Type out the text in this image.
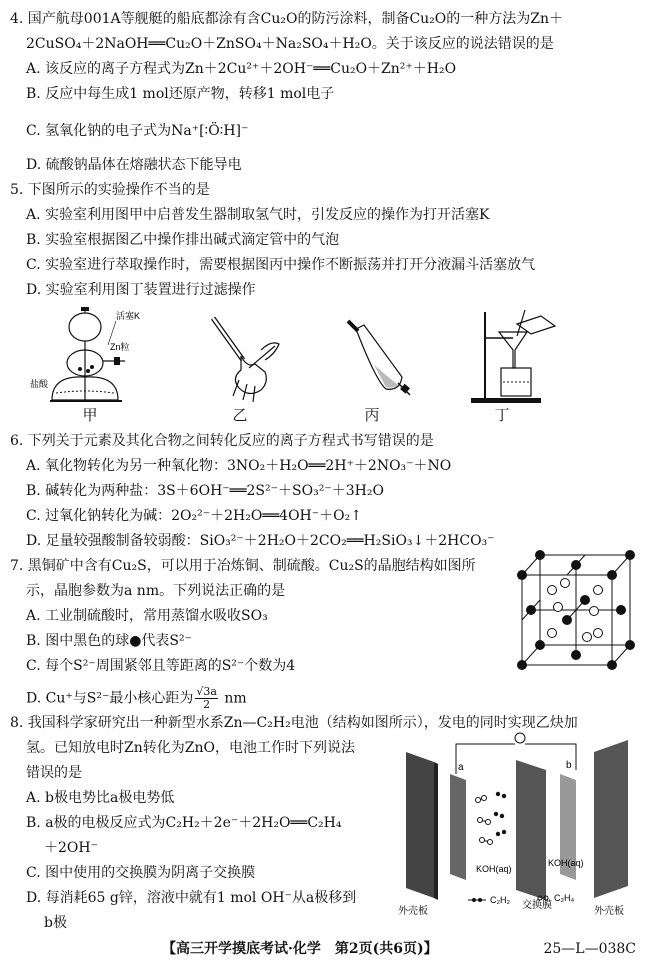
4. 国产航母001A等舰艇的船底都涂有含Cu₂O的防污涂料，制备Cu₂O的一种方法为Zn＋
2CuSO₄＋2NaOH══Cu₂O＋ZnSO₄＋Na₂SO₄＋H₂O。关于该反应的说法错误的是
A. 该反应的离子方程式为Zn＋2Cu²⁺＋2OH⁻══Cu₂O＋Zn²⁺＋H₂O
B. 反应中每生成1 mol还原产物，转移1 mol电子
C. 氢氧化钠的电子式为Na⁺[∶Ö∶H]⁻
D. 硫酸钠晶体在熔融状态下能导电
5. 下图所示的实验操作不当的是
A. 实验室利用图甲中启普发生器制取氢气时，引发反应的操作为打开活塞K
B. 实验室根据图乙中操作排出碱式滴定管中的气泡
C. 实验室进行萃取操作时，需要根据图丙中操作不断振荡并打开分液漏斗活塞放气
D. 实验室利用图丁装置进行过滤操作
活塞K
Zn粒
盐酸
甲	乙	丙	丁
6. 下列关于元素及其化合物之间转化反应的离子方程式书写错误的是
A. 氧化物转化为另一种氧化物：3NO₂＋H₂O══2H⁺＋2NO₃⁻＋NO
B. 碱转化为两种盐：3S＋6OH⁻══2S²⁻＋SO₃²⁻＋3H₂O
C. 过氧化钠转化为碱：2O₂²⁻＋2H₂O══4OH⁻＋O₂↑
D. 足量较强酸制备较弱酸：SiO₃²⁻＋2H₂O＋2CO₂══H₂SiO₃↓＋2HCO₃⁻
7. 黑铜矿中含有Cu₂S，可以用于冶炼铜、制硫酸。Cu₂S的晶胞结构如图所
示，晶胞参数为a nm。下列说法正确的是
A. 工业制硫酸时，常用蒸馏水吸收SO₃
B. 图中黑色的球●代表S²⁻
C. 每个S²⁻周围紧邻且等距离的S²⁻个数为4
D. Cu⁺与S²⁻最小核心距为 $\frac{√3a}{2}$ nm
8. 我国科学家研究出一种新型水系Zn—C₂H₂电池（结构如图所示），发电的同时实现乙炔加
氢。已知放电时Zn转化为ZnO，电池工作时下列说法
错误的是
A. b极电势比a极电势低
B. a极的电极反应式为C₂H₂＋2e⁻＋2H₂O══C₂H₄
＋2OH⁻
C. 图中使用的交换膜为阴离子交换膜
D. 每消耗65 g锌，溶液中就有1 mol OH⁻从a极移到
b极
a	b
KOH(aq)
KOH(aq)
交换膜
外壳板	外壳板
C₂H₂	C₂H₄
【高三开学摸底考试·化学　第2页(共6页)】	25—L—038C
